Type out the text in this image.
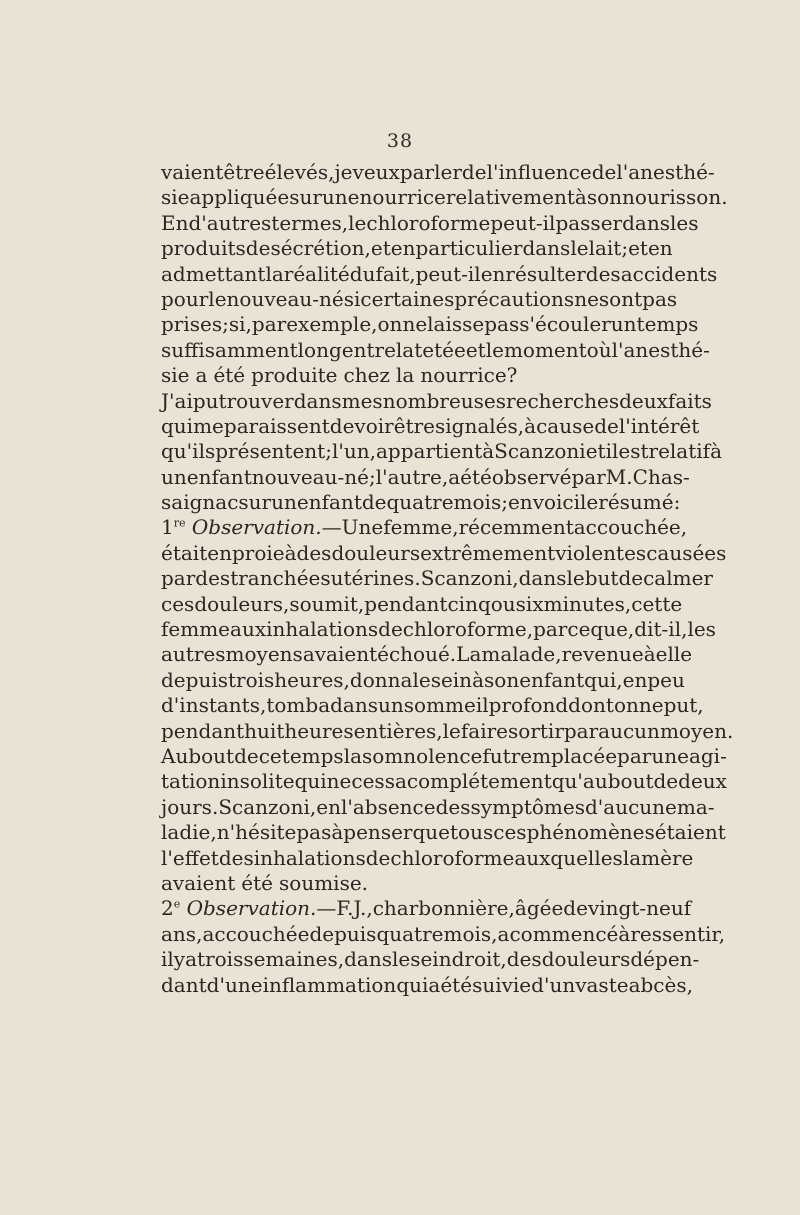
38
vaient être élevés, je veux parler de l'influence de l'anesthé-
sie appliquée sur une nourrice relativement à son nourisson.
En d'autres termes, le chloroforme peut-il passer dans les
produits de sécrétion, et en particulier dans le lait ; et en
admettant la réalité du fait, peut-il en résulter des accidents
pour le nouveau-né si certaines précautions ne sont pas
prises ; si, par exemple, on ne laisse pas s'écouler un temps
suffisamment long entre la tetée et le moment où l'anesthé-
sie a été produite chez la nourrice?
J'ai pu trouver dans mes nombreuses recherches deux faits
qui me paraissent devoir être signalés, à cause de l'intérêt
qu'ils présentent ; l'un, appartient à Scanzoni et il est relatif à
un enfant nouveau-né ; l'autre, a été observé par M. Chas-
saignac sur un enfant de quatre mois ; en voici le résumé :
1re Observation. — Une femme, récemment accouchée,
était en proie à des douleurs extrêmement violentes causées
par des tranchées utérines. Scanzoni, dans le but de calmer
ces douleurs, soumit, pendant cinq ou six minutes, cette
femme aux inhalations de chloroforme, parce que, dit-il, les
autres moyens avaient échoué. La malade, revenue à elle
depuis trois heures, donna le sein à son enfant qui, en peu
d'instants, tomba dans un sommeil profond dont on ne put,
pendant huit heures entières, le faire sortir par aucun moyen.
Au bout de ce temps la somnolence fut remplacée par une agi-
tation insolite qui ne cessa complétement qu'au bout de deux
jours. Scanzoni, en l'absence des symptômes d'aucune ma-
ladie, n'hésite pas à penser que tous ces phénomènes étaient
l'effet des inhalations de chloroforme auxquelles la mère
avaient été soumise.
2e Observation. — F. J., charbonnière, âgée de vingt-neuf
ans, accouchée depuis quatre mois, a commencé à ressentir,
il y a trois semaines, dans le sein droit, des douleurs dépen-
dant d'une inflammation qui a été suivie d'un vaste abcès,
